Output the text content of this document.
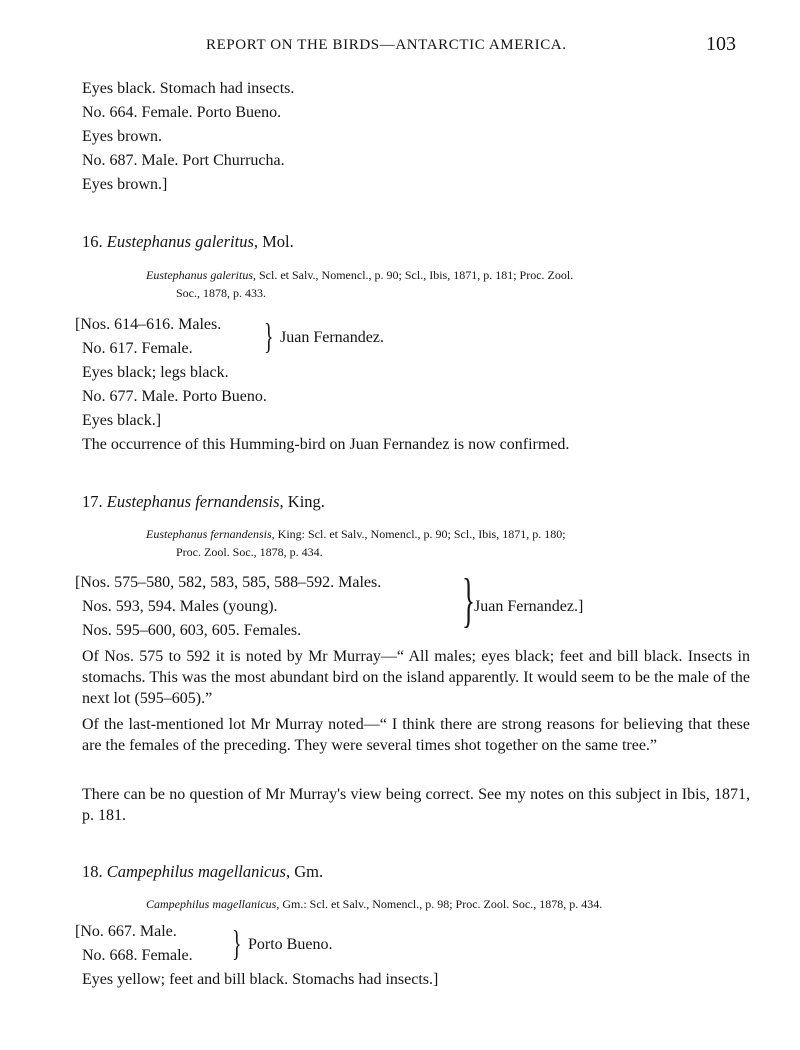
REPORT ON THE BIRDS—ANTARCTIC AMERICA.	103
Eyes black. Stomach had insects.
No. 664. Female. Porto Bueno.
Eyes brown.
No. 687. Male. Port Churrucha.
Eyes brown.]
16. Eustephanus galeritus, Mol.
Eustephanus galeritus, Scl. et Salv., Nomencl., p. 90; Scl., Ibis, 1871, p. 181; Proc. Zool.
Soc., 1878, p. 433.
[Nos. 614–616. Males.
No. 617. Female. } Juan Fernandez.
Eyes black; legs black.
No. 677. Male. Porto Bueno.
Eyes black.]
The occurrence of this Humming-bird on Juan Fernandez is now confirmed.
17. Eustephanus fernandensis, King.
Eustephanus fernandensis, King: Scl. et Salv., Nomencl., p. 90; Scl., Ibis, 1871, p. 180;
Proc. Zool. Soc., 1878, p. 434.
[Nos. 575–580, 582, 583, 585, 588–592. Males.
Nos. 593, 594. Males (young).
Nos. 595–600, 603, 605. Females.	} Juan Fernandez.]
Of Nos. 575 to 592 it is noted by Mr Murray—“ All males; eyes black; feet and bill black. Insects in stomachs. This was the most abundant bird on the island apparently. It would seem to be the male of the next lot (595–605).”
Of the last-mentioned lot Mr Murray noted—“ I think there are strong reasons for believing that these are the females of the preceding. They were several times shot together on the same tree.”
There can be no question of Mr Murray's view being correct. See my notes on this subject in Ibis, 1871, p. 181.
18. Campephilus magellanicus, Gm.
Campephilus magellanicus, Gm.: Scl. et Salv., Nomencl., p. 98; Proc. Zool. Soc., 1878, p. 434.
[No. 667. Male.
No. 668. Female. } Porto Bueno.
Eyes yellow; feet and bill black. Stomachs had insects.]
